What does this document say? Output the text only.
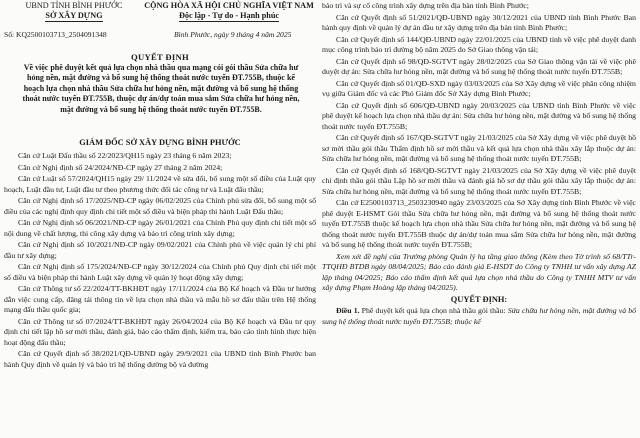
UBND TỈNH BÌNH PHƯỚC
SỞ XÂY DỰNG
CỘNG HÒA XÃ HỘI CHỦ NGHĨA VIỆT NAM
Độc lập - Tự do - Hạnh phúc
Số: KQ2500103713_2504091348	Bình Phước, ngày 9 tháng 4 năm 2025
QUYẾT ĐỊNH
Về việc phê duyệt kết quả lựa chọn nhà thầu qua mạng cói gói thầu Sửa chữa hư hỏng nền, mặt đường và bổ sung hệ thống thoát nước tuyến ĐT.755B, thuộc kế hoạch lựa chọn nhà thầu Sửa chữa hư hỏng nền, mặt đường và bổ sung hệ thống thoát nước tuyến ĐT.755B, thuộc dự án/dự toán mua sắm Sửa chữa hư hỏng nền, mặt đường và bổ sung hệ thống thoát nước tuyến ĐT.755B.
GIÁM ĐỐC SỞ XÂY DỰNG BÌNH PHƯỚC

Căn cứ Luật Đấu thầu số 22/2023/QH15 ngày 23 tháng 6 năm 2023;

Căn cứ Nghị định số 24/2024/NĐ-CP ngày 27 tháng 2 năm 2024;

Căn cứ Luật số 57/2024/QH15 ngày 29/ 11/2024 về sửa đổi, bổ sung một số điều của Luật quy hoạch, Luật đầu tư, Luật đầu tư theo phương thức đối tác công tư và Luật đấu thầu;

Căn cứ Nghị định số 17/2025/NĐ-CP ngày 06/02/2025 của Chính phủ sửa đổi, bổ sung một số điều của các nghị định quy định chi tiết một số điều và biện pháp thi hành Luật Đấu thầu;

Căn cứ Nghị định số 06/2021/NĐ-CP ngày 26/01/2021 của Chính Phủ quy định chi tiết một số nội dung về chất lượng, thi công xây dựng và bảo trì công trình xây dựng;

Căn cứ Nghị định số 10/2021/NĐ-CP ngày 09/02/2021 của Chính phủ về việc quản lý chi phí đầu tư xây dựng;

Căn cứ Nghị định số 175/2024/NĐ-CP ngày 30/12/2024 của Chính phủ Quy định chi tiết một số điều và biện pháp thi hành Luật xây dựng về quản lý hoạt động xây dựng;

Căn cứ Thông tư số 22/2024/TT-BKHĐT ngày 17/11/2024 của Bộ Kế hoạch và Đầu tư hướng dẫn việc cung cấp, đăng tải thông tin về lựa chọn nhà thầu và mẫu hồ sơ đấu thầu trên Hệ thống mạng đấu thầu quốc gia;

Căn cứ Thông tư số 07/2024/TT-BKHĐT ngày 26/04/2024 của Bộ Kế hoạch và Đầu tư quy định chi tiết lập hồ sơ mời thầu, đánh giá, báo cáo thẩm định, kiểm tra, báo cáo tình hình thực hiện hoạt động đấu thầu;

Căn cứ Quyết định số 38/2021/QĐ-UBND ngày 29/9/2021 của UBND tỉnh Bình Phước ban hành Quy định về quản lý và bảo trì hệ thống đường bộ và đường

bảo trì và sự cố công trình xây dựng trên địa bàn tỉnh Bình Phước;

Căn cứ Quyết định số 51/2021/QĐ-UBND ngày 30/12/2021 của UBND tỉnh Bình Phước Ban hành quy định về quản lý dự án đầu tư xây dựng trên địa bàn tỉnh Bình Phước;

Căn cứ Quyết định số 144/QĐ-UBND ngày 22/01/2025 của UBND tỉnh về việc phê duyệt danh mục công trình bảo trì đường bộ năm 2025 do Sở Giao thông vận tải;

Căn cứ Quyết định số 98/QĐ-SGTVT ngày 28/02/2025 của Sở Giao thông vận tải về việc phê duyệt dự án: Sửa chữa hư hỏng nền, mặt đường và bổ sung hệ thống thoát nước tuyến ĐT.755B;

Căn cứ Quyết định số 01/QĐ-SXD ngày 03/03/2025 của Sở Xây dựng về việc phân công nhiệm vụ giữa Giám đốc và các Phó Giám đốc Sở Xây dựng Bình Phước;

Căn cứ Quyết định số 606/QĐ-UBND ngày 20/03/2025 của UBND tỉnh Bình Phước về việc phê duyệt kế hoạch lựa chọn nhà thầu dự án: Sửa chữa hư hỏng nền, mặt đường và bổ sung hệ thống thoát nước tuyến ĐT.755B;

Căn cứ Quyết định số 167/QĐ-SGTVT ngày 21/03/2025 của Sở Xây dựng về việc phê duyệt hồ sơ mời thầu gói thầu Thẩm định hồ sơ mời thầu và kết quả lựa chọn nhà thầu xây lắp thuộc dự án: Sửa chữa hư hỏng nền, mặt đường và bổ sung hệ thống thoát nước tuyến ĐT.755B;

Căn cứ Quyết định số 168/QĐ-SGTVT ngày 21/03/2025 của Sở Xây dựng về việc phê duyệt chỉ định thầu gói thầu Lập hồ sơ mời thầu và đánh giá hồ sơ dự thầu gói thầu xây lắp thuộc dự án: Sửa chữa hư hỏng nền, mặt đường và bổ sung hệ thống thoát nước tuyến ĐT.755B;

Căn cứ E2500103713_2503230940 ngày 23/03/2025 của Sở Xây dựng tỉnh Bình Phước về việc phê duyệt E-HSMT Gói thầu Sửa chữa hư hỏng nền, mặt đường và bổ sung hệ thống thoát nước tuyến ĐT.755B thuộc kế hoạch lựa chọn nhà thầu Sửa chữa hư hỏng nền, mặt đường và bổ sung hệ thống thoát nước tuyến ĐT.755B thuộc dự án/dự toán mua sắm Sửa chữa hư hỏng nền, mặt đường và bổ sung hệ thống thoát nước tuyến ĐT.755B;

Xem xét đề nghị của Trưởng phòng Quản lý hạ tầng giao thông (Kèm theo Tờ trình số 68/TTr-TTQHĐ BTDB ngày 08/04/2025; Báo cáo đánh giá E-HSDT do Công ty TNHH tư vấn xây dựng AZ lập tháng 04/2025; Báo cáo thẩm định kết quả lựa chọn nhà thầu do Công ty TNHH MTV tư vấn xây dựng Phạm Hoàng lập tháng 04/2025).

QUYẾT ĐỊNH:

Điều 1. Phê duyệt kết quả lựa chọn nhà thầu gói thầu: Sửa chữa hư hỏng nền, mặt đường và bổ sung hệ thống thoát nước tuyến ĐT.755B; thuộc kế
